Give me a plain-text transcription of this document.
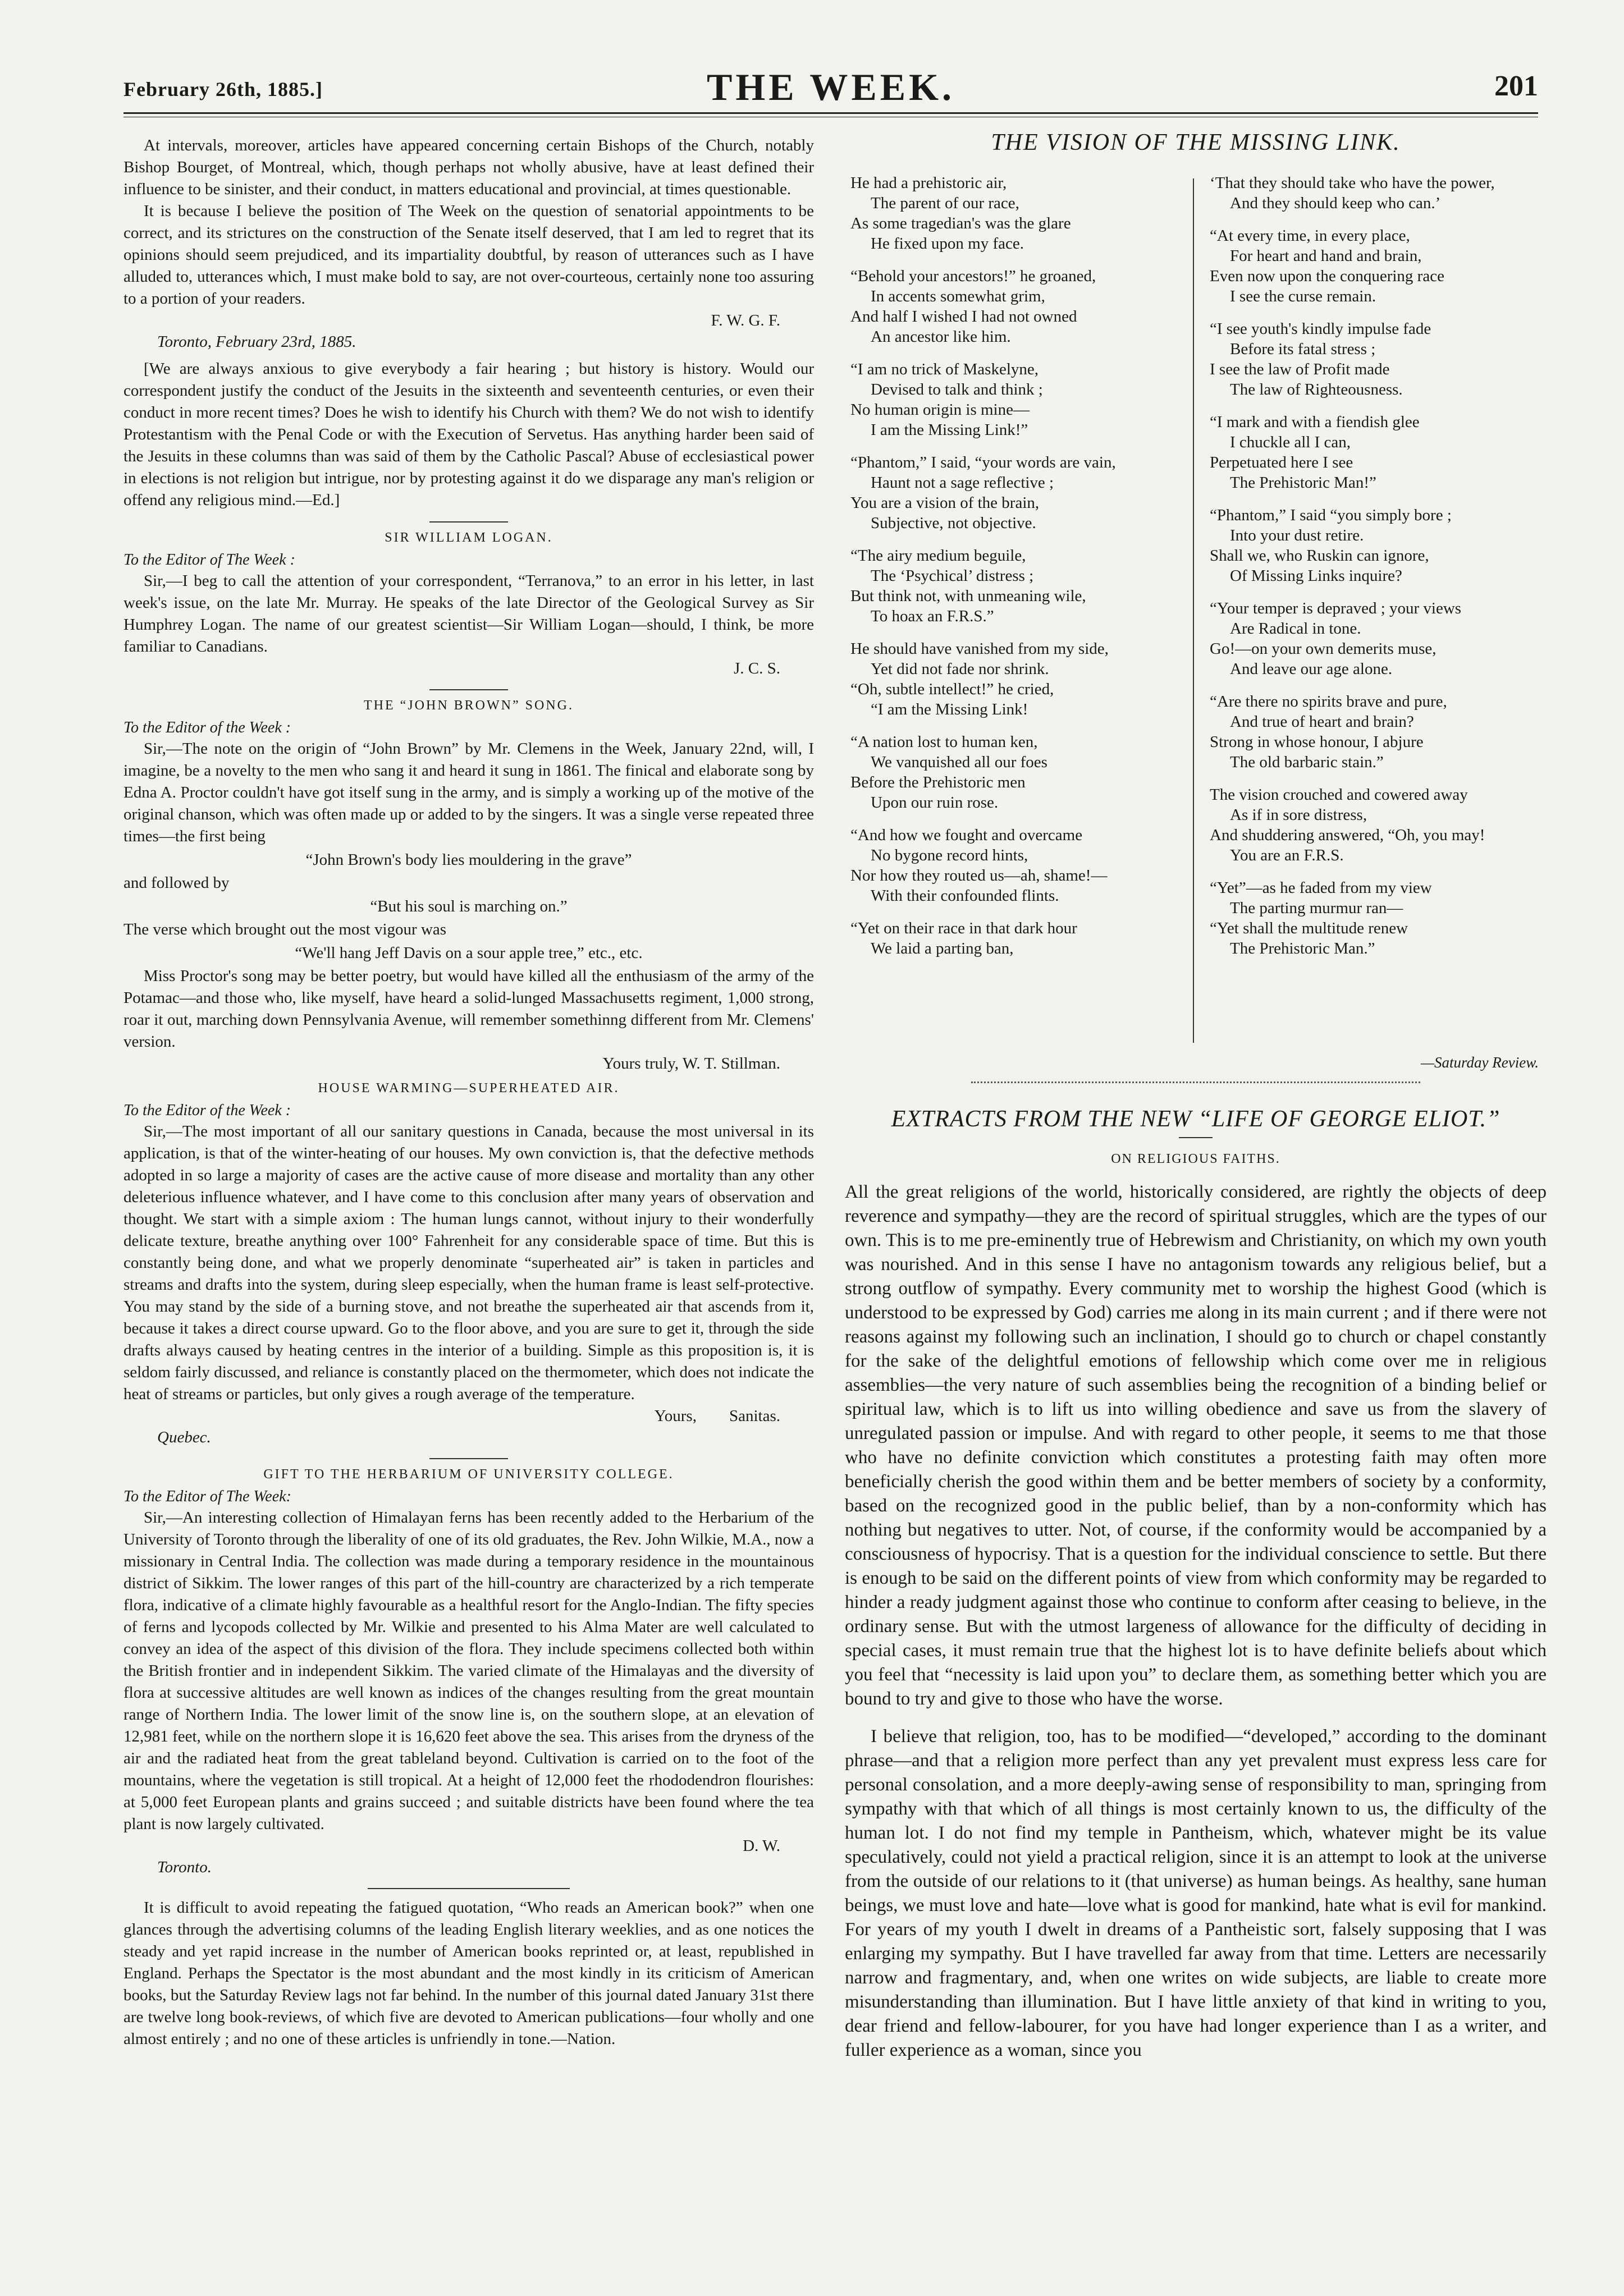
February 26th, 1885.]	THE WEEK.	201

At intervals, moreover, articles have appeared concerning certain Bishops of the Church, notably Bishop Bourget, of Montreal, which, though perhaps not wholly abusive, have at least defined their influence to be sinister, and their conduct, in matters educational and provincial, at times questionable.

It is because I believe the position of The Week on the question of senatorial appointments to be correct, and its strictures on the construction of the Senate itself deserved, that I am led to regret that its opinions should seem prejudiced, and its impartiality doubtful, by reason of utterances such as I have alluded to, utterances which, I must make bold to say, are not over-courteous, certainly none too assuring to a portion of your readers.

F. W. G. F.
Toronto, February 23rd, 1885.

[We are always anxious to give everybody a fair hearing ; but history is history. Would our correspondent justify the conduct of the Jesuits in the sixteenth and seventeenth centuries, or even their conduct in more recent times? Does he wish to identify his Church with them? We do not wish to identify Protestantism with the Penal Code or with the Execution of Servetus. Has anything harder been said of the Jesuits in these columns than was said of them by the Catholic Pascal? Abuse of ecclesiastical power in elections is not religion but intrigue, nor by protesting against it do we disparage any man's religion or offend any religious mind.—Ed.]

SIR WILLIAM LOGAN.
To the Editor of The Week :

Sir,—I beg to call the attention of your correspondent, “Terranova,” to an error in his letter, in last week's issue, on the late Mr. Murray. He speaks of the late Director of the Geological Survey as Sir Humphrey Logan. The name of our greatest scientist—Sir William Logan—should, I think, be more familiar to Canadians.

J. C. S.
THE “JOHN BROWN” SONG.
To the Editor of the Week :

Sir,—The note on the origin of “John Brown” by Mr. Clemens in the Week, January 22nd, will, I imagine, be a novelty to the men who sang it and heard it sung in 1861. The finical and elaborate song by Edna A. Proctor couldn't have got itself sung in the army, and is simply a working up of the motive of the original chanson, which was often made up or added to by the singers. It was a single verse repeated three times—the first being

“John Brown's body lies mouldering in the grave”

and followed by

“But his soul is marching on.”

The verse which brought out the most vigour was

“We'll hang Jeff Davis on a sour apple tree,” etc., etc.

Miss Proctor's song may be better poetry, but would have killed all the enthusiasm of the army of the Potamac—and those who, like myself, have heard a solid-lunged Massachusetts regiment, 1,000 strong, roar it out, marching down Pennsylvania Avenue, will remember somethinng different from Mr. Clemens' version.

Yours truly, W. T. Stillman.
HOUSE WARMING—SUPERHEATED AIR.
To the Editor of the Week :

Sir,—The most important of all our sanitary questions in Canada, because the most universal in its application, is that of the winter-heating of our houses. My own conviction is, that the defective methods adopted in so large a majority of cases are the active cause of more disease and mortality than any other deleterious influence whatever, and I have come to this conclusion after many years of observation and thought. We start with a simple axiom : The human lungs cannot, without injury to their wonderfully delicate texture, breathe anything over 100° Fahrenheit for any considerable space of time. But this is constantly being done, and what we properly denominate “superheated air” is taken in particles and streams and drafts into the system, during sleep especially, when the human frame is least self-protective. You may stand by the side of a burning stove, and not breathe the superheated air that ascends from it, because it takes a direct course upward. Go to the floor above, and you are sure to get it, through the side drafts always caused by heating centres in the interior of a building. Simple as this proposition is, it is seldom fairly discussed, and reliance is constantly placed on the thermometer, which does not indicate the heat of streams or particles, but only gives a rough average of the temperature.

Yours, Sanitas.
Quebec.
GIFT TO THE HERBARIUM OF UNIVERSITY COLLEGE.
To the Editor of The Week:

Sir,—An interesting collection of Himalayan ferns has been recently added to the Herbarium of the University of Toronto through the liberality of one of its old graduates, the Rev. John Wilkie, M.A., now a missionary in Central India. The collection was made during a temporary residence in the mountainous district of Sikkim. The lower ranges of this part of the hill-country are characterized by a rich temperate flora, indicative of a climate highly favourable as a healthful resort for the Anglo-Indian. The fifty species of ferns and lycopods collected by Mr. Wilkie and presented to his Alma Mater are well calculated to convey an idea of the aspect of this division of the flora. They include specimens collected both within the British frontier and in independent Sikkim. The varied climate of the Himalayas and the diversity of flora at successive altitudes are well known as indices of the changes resulting from the great mountain range of Northern India. The lower limit of the snow line is, on the southern slope, at an elevation of 12,981 feet, while on the northern slope it is 16,620 feet above the sea. This arises from the dryness of the air and the radiated heat from the great tableland beyond. Cultivation is carried on to the foot of the mountains, where the vegetation is still tropical. At a height of 12,000 feet the rhododendron flourishes: at 5,000 feet European plants and grains succeed ; and suitable districts have been found where the tea plant is now largely cultivated.

D. W.
Toronto.

It is difficult to avoid repeating the fatigued quotation, “Who reads an American book?” when one glances through the advertising columns of the leading English literary weeklies, and as one notices the steady and yet rapid increase in the number of American books reprinted or, at least, republished in England. Perhaps the Spectator is the most abundant and the most kindly in its criticism of American books, but the Saturday Review lags not far behind. In the number of this journal dated January 31st there are twelve long book-reviews, of which five are devoted to American publications—four wholly and one almost entirely ; and no one of these articles is unfriendly in tone.—Nation.

THE VISION OF THE MISSING LINK.
He had a prehistoric air,
The parent of our race,
As some tragedian's was the glare
He fixed upon my face.
“Behold your ancestors!” he groaned,
In accents somewhat grim,
And half I wished I had not owned
An ancestor like him.
“I am no trick of Maskelyne,
Devised to talk and think ;
No human origin is mine—
I am the Missing Link!”
“Phantom,” I said, “your words are vain,
Haunt not a sage reflective ;
You are a vision of the brain,
Subjective, not objective.
“The airy medium beguile,
The ‘Psychical’ distress ;
But think not, with unmeaning wile,
To hoax an F.R.S.”
He should have vanished from my side,
Yet did not fade nor shrink.
“Oh, subtle intellect!” he cried,
“I am the Missing Link!
“A nation lost to human ken,
We vanquished all our foes
Before the Prehistoric men
Upon our ruin rose.
“And how we fought and overcame
No bygone record hints,
Nor how they routed us—ah, shame!—
With their confounded flints.
“Yet on their race in that dark hour
We laid a parting ban,
‘That they should take who have the power,
And they should keep who can.’
“At every time, in every place,
For heart and hand and brain,
Even now upon the conquering race
I see the curse remain.
“I see youth's kindly impulse fade
Before its fatal stress ;
I see the law of Profit made
The law of Righteousness.
“I mark and with a fiendish glee
I chuckle all I can,
Perpetuated here I see
The Prehistoric Man!”
“Phantom,” I said “you simply bore ;
Into your dust retire.
Shall we, who Ruskin can ignore,
Of Missing Links inquire?
“Your temper is depraved ; your views
Are Radical in tone.
Go!—on your own demerits muse,
And leave our age alone.
“Are there no spirits brave and pure,
And true of heart and brain?
Strong in whose honour, I abjure
The old barbaric stain.”
The vision crouched and cowered away
As if in sore distress,
And shuddering answered, “Oh, you may!
You are an F.R.S.
“Yet”—as he faded from my view
The parting murmur ran—
“Yet shall the multitude renew
The Prehistoric Man.”
—Saturday Review.
EXTRACTS FROM THE NEW “LIFE OF GEORGE ELIOT.”
ON RELIGIOUS FAITHS.

All the great religions of the world, historically considered, are rightly the objects of deep reverence and sympathy—they are the record of spiritual struggles, which are the types of our own. This is to me pre-eminently true of Hebrewism and Christianity, on which my own youth was nourished. And in this sense I have no antagonism towards any religious belief, but a strong outflow of sympathy. Every community met to worship the highest Good (which is understood to be expressed by God) carries me along in its main current ; and if there were not reasons against my following such an inclination, I should go to church or chapel constantly for the sake of the delightful emotions of fellowship which come over me in religious assemblies—the very nature of such assemblies being the recognition of a binding belief or spiritual law, which is to lift us into willing obedience and save us from the slavery of unregulated passion or impulse. And with regard to other people, it seems to me that those who have no definite conviction which constitutes a protesting faith may often more beneficially cherish the good within them and be better members of society by a conformity, based on the recognized good in the public belief, than by a non-conformity which has nothing but negatives to utter. Not, of course, if the conformity would be accompanied by a consciousness of hypocrisy. That is a question for the individual conscience to settle. But there is enough to be said on the different points of view from which conformity may be regarded to hinder a ready judgment against those who continue to conform after ceasing to believe, in the ordinary sense. But with the utmost largeness of allowance for the difficulty of deciding in special cases, it must remain true that the highest lot is to have definite beliefs about which you feel that “necessity is laid upon you” to declare them, as something better which you are bound to try and give to those who have the worse.

I believe that religion, too, has to be modified—“developed,” according to the dominant phrase—and that a religion more perfect than any yet prevalent must express less care for personal consolation, and a more deeply-awing sense of responsibility to man, springing from sympathy with that which of all things is most certainly known to us, the difficulty of the human lot. I do not find my temple in Pantheism, which, whatever might be its value speculatively, could not yield a practical religion, since it is an attempt to look at the universe from the outside of our relations to it (that universe) as human beings. As healthy, sane human beings, we must love and hate—love what is good for mankind, hate what is evil for mankind. For years of my youth I dwelt in dreams of a Pantheistic sort, falsely supposing that I was enlarging my sympathy. But I have travelled far away from that time. Letters are necessarily narrow and fragmentary, and, when one writes on wide subjects, are liable to create more misunderstanding than illumination. But I have little anxiety of that kind in writing to you, dear friend and fellow-labourer, for you have had longer experience than I as a writer, and fuller experience as a woman, since you
